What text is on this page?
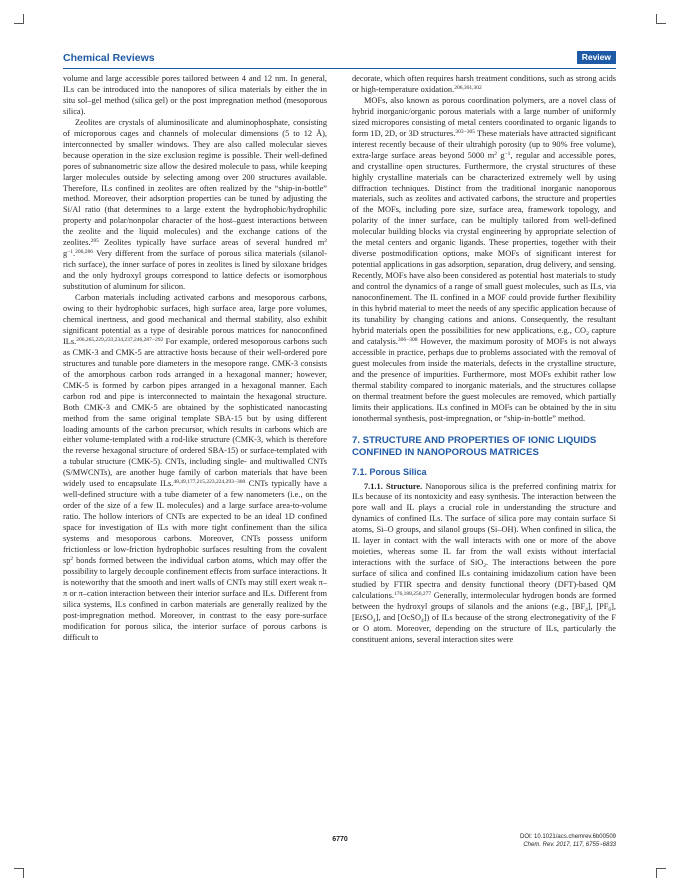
Chemical Reviews	Review

volume and large accessible pores tailored between 4 and 12 nm. In general, ILs can be introduced into the nanopores of silica materials by either the in situ sol–gel method (silica gel) or the post impregnation method (mesoporous silica).

Zeolites are crystals of aluminosilicate and aluminophosphate, consisting of microporous cages and channels of molecular dimensions (5 to 12 Å), interconnected by smaller windows. They are also called molecular sieves because operation in the size exclusion regime is possible. Their well-defined pores of subnanometric size allow the desired molecule to pass, while keeping larger molecules outside by selecting among over 200 structures available. Therefore, ILs confined in zeolites are often realized by the “ship-in-bottle” method. Moreover, their adsorption properties can be tuned by adjusting the Si/Al ratio (that determines to a large extent the hydrophobic/hydrophilic property and polar/nonpolar character of the host–guest interactions between the zeolite and the liquid molecules) and the exchange cations of the zeolites.$^{285}$ Zeolites typically have surface areas of several hundred $m^2$ $g^{-1}.^{206,286}$ Very different from the surface of porous silica materials (silanol-rich surface), the inner surface of pores in zeolites is lined by siloxane bridges and the only hydroxyl groups correspond to lattice defects or isomorphous substitution of aluminum for silicon.

Carbon materials including activated carbons and mesoporous carbons, owing to their hydrophobic surfaces, high surface area, large pore volumes, chemical inertness, and good mechanical and thermal stability, also exhibit significant potential as a type of desirable porous matrices for nanoconfined ILs.$^{206,265,229,233,234,237,246,287-292}$ For example, ordered mesoporous carbons such as CMK-3 and CMK-5 are attractive hosts because of their well-ordered pore structures and tunable pore diameters in the mesopore range. CMK-3 consists of the amorphous carbon rods arranged in a hexagonal manner; however, CMK-5 is formed by carbon pipes arranged in a hexagonal manner. Each carbon rod and pipe is interconnected to maintain the hexagonal structure. Both CMK-3 and CMK-5 are obtained by the sophisticated nanocasting method from the same original template SBA-15 but by using different loading amounts of the carbon precursor, which results in carbons which are either volume-templated with a rod-like structure (CMK-3, which is therefore the reverse hexagonal structure of ordered SBA-15) or surface-templated with a tubular structure (CMK-5). CNTs, including single- and multiwalled CNTs (S/MWCNTs), are another huge family of carbon materials that have been widely used to encapsulate ILs.$^{48,49,177,215,223,224,293-300}$ CNTs typically have a well-defined structure with a tube diameter of a few nanometers (i.e., on the order of the size of a few IL molecules) and a large surface area-to-volume ratio. The hollow interiors of CNTs are expected to be an ideal 1D confined space for investigation of ILs with more tight confinement than the silica systems and mesoporous carbons. Moreover, CNTs possess uniform frictionless or low-friction hydrophobic surfaces resulting from the covalent $sp^2$ bonds formed between the individual carbon atoms, which may offer the possibility to largely decouple confinement effects from surface interactions. It is noteworthy that the smooth and inert walls of CNTs may still exert weak π–π or π–cation interaction between their interior surface and ILs. Different from silica systems, ILs confined in carbon materials are generally realized by the post-impregnation method. Moreover, in contrast to the easy pore-surface modification for porous silica, the interior surface of porous carbons is difficult to

decorate, which often requires harsh treatment conditions, such as strong acids or high-temperature oxidation.$^{206,301,302}$

MOFs, also known as porous coordination polymers, are a novel class of hybrid inorganic/organic porous materials with a large number of uniformly sized micropores consisting of metal centers coordinated to organic ligands to form 1D, 2D, or 3D structures.$^{303-305}$ These materials have attracted significant interest recently because of their ultrahigh porosity (up to 90% free volume), extra-large surface areas beyond 5000 $m^2$ $g^{-1}$, regular and accessible pores, and crystalline open structures. Furthermore, the crystal structures of these highly crystalline materials can be characterized extremely well by using diffraction techniques. Distinct from the traditional inorganic nanoporous materials, such as zeolites and activated carbons, the structure and properties of the MOFs, including pore size, surface area, framework topology, and polarity of the inner surface, can be multiply tailored from well-defined molecular building blocks via crystal engineering by appropriate selection of the metal centers and organic ligands. These properties, together with their diverse postmodification options, make MOFs of significant interest for potential applications in gas adsorption, separation, drug delivery, and sensing. Recently, MOFs have also been considered as potential host materials to study and control the dynamics of a range of small guest molecules, such as ILs, via nanoconfinement. The IL confined in a MOF could provide further flexibility in this hybrid material to meet the needs of any specific application because of its tunability by changing cations and anions. Consequently, the resultant hybrid materials open the possibilities for new applications, e.g., $CO_2$ capture and catalysis.$^{306-308}$ However, the maximum porosity of MOFs is not always accessible in practice, perhaps due to problems associated with the removal of guest molecules from inside the materials, defects in the crystalline structure, and the presence of impurities. Furthermore, most MOFs exhibit rather low thermal stability compared to inorganic materials, and the structures collapse on thermal treatment before the guest molecules are removed, which partially limits their applications. ILs confined in MOFs can be obtained by the in situ ionothermal synthesis, post-impregnation, or “ship-in-bottle” method.

7. STRUCTURE AND PROPERTIES OF IONIC LIQUIDS CONFINED IN NANOPOROUS MATRICES
7.1. Porous Silica

7.1.1. Structure. Nanoporous silica is the preferred confining matrix for ILs because of its nontoxicity and easy synthesis. The interaction between the pore wall and IL plays a crucial role in understanding the structure and dynamics of confined ILs. The surface of silica pore may contain surface Si atoms, Si–O groups, and silanol groups (Si–OH). When confined in silica, the IL layer in contact with the wall interacts with one or more of the above moieties, whereas some IL far from the wall exists without interfacial interactions with the surface of SiO$_2$. The interactions between the pore surface of silica and confined ILs containing imidazolium cation have been studied by FTIR spectra and density functional theory (DFT)-based QM calculations.$^{176,188,256,277}$ Generally, intermolecular hydrogen bonds are formed between the hydroxyl groups of silanols and the anions (e.g., $[BF_4]$, $[PF_6]$, [EtSO$_4$], and [OcSO$_4$]) of ILs because of the strong electronegativity of the F or O atom. Moreover, depending on the structure of ILs, particularly the constituent anions, several interaction sites were

6770	DOI: 10.1021/acs.chemrev.6b00509
Chem. Rev. 2017, 117, 6755−6833
